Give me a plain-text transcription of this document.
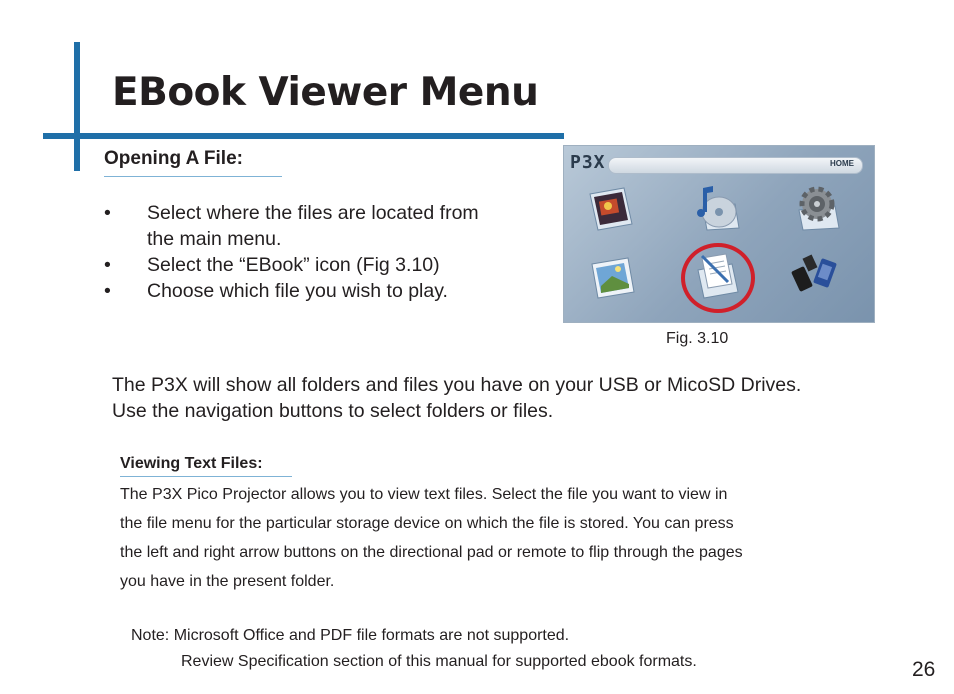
EBook Viewer Menu
Opening A File:
• Select where the files are located from
the main menu.
• Select the “EBook” icon (Fig 3.10)
• Choose which file you wish to play.
P3X	HOME
Fig. 3.10
The P3X will show all folders and files you have on your USB or MicoSD Drives.
Use the navigation buttons to select folders or files.
Viewing Text Files:
The P3X Pico Projector allows you to view text files. Select the file you want to view in
the file menu for the particular storage device on which the file is stored. You can press
the left and right arrow buttons on the directional pad or remote to flip through the pages
you have in the present folder.
Note: Microsoft Office and PDF file formats are not supported.
Review Specification section of this manual for supported ebook formats.	26
